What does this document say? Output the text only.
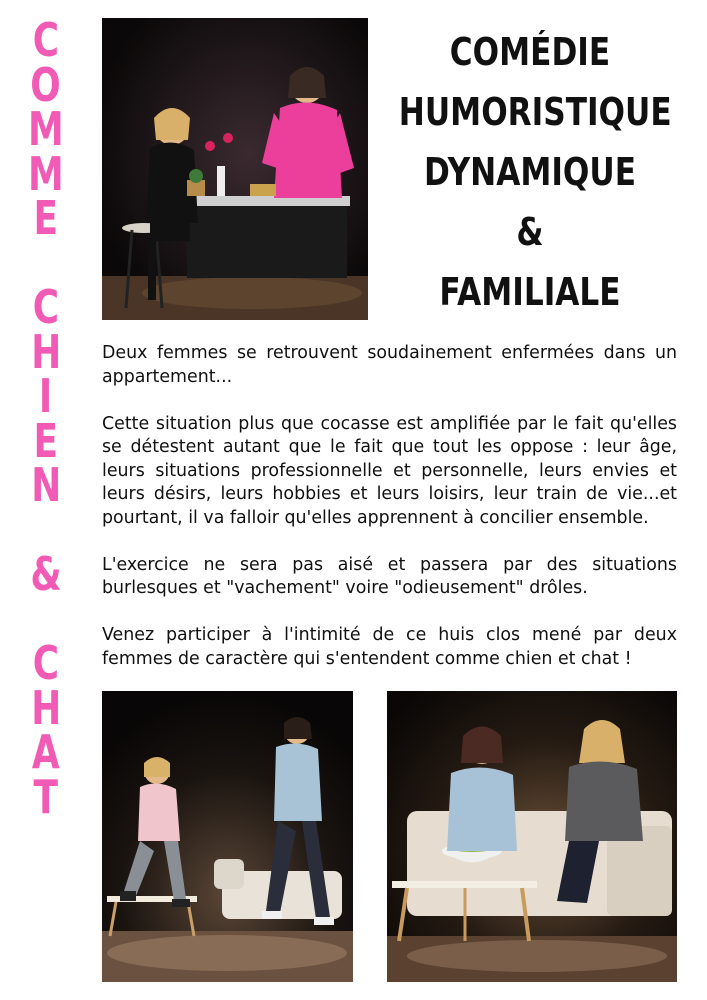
C
O
M
M
E
C
H
I
E
N
&
C
H
A
T
COMÉDIE
HUMORISTIQUE
DYNAMIQUE
&
FAMILIALE

Deux femmes se retrouvent soudainement enfermées dans un appartement...

Cette situation plus que cocasse est amplifiée par le fait qu'elles se détestent autant que le fait que tout les oppose : leur âge, leurs situations professionnelle et personnelle, leurs envies et leurs désirs, leurs hobbies et leurs loisirs, leur train de vie...et pourtant, il va falloir qu'elles apprennent à concilier ensemble.

L'exercice ne sera pas aisé et passera par des situations burlesques et "vachement" voire "odieusement" drôles.

Venez participer à l'intimité de ce huis clos mené par deux femmes de caractère qui s'entendent comme chien et chat !
